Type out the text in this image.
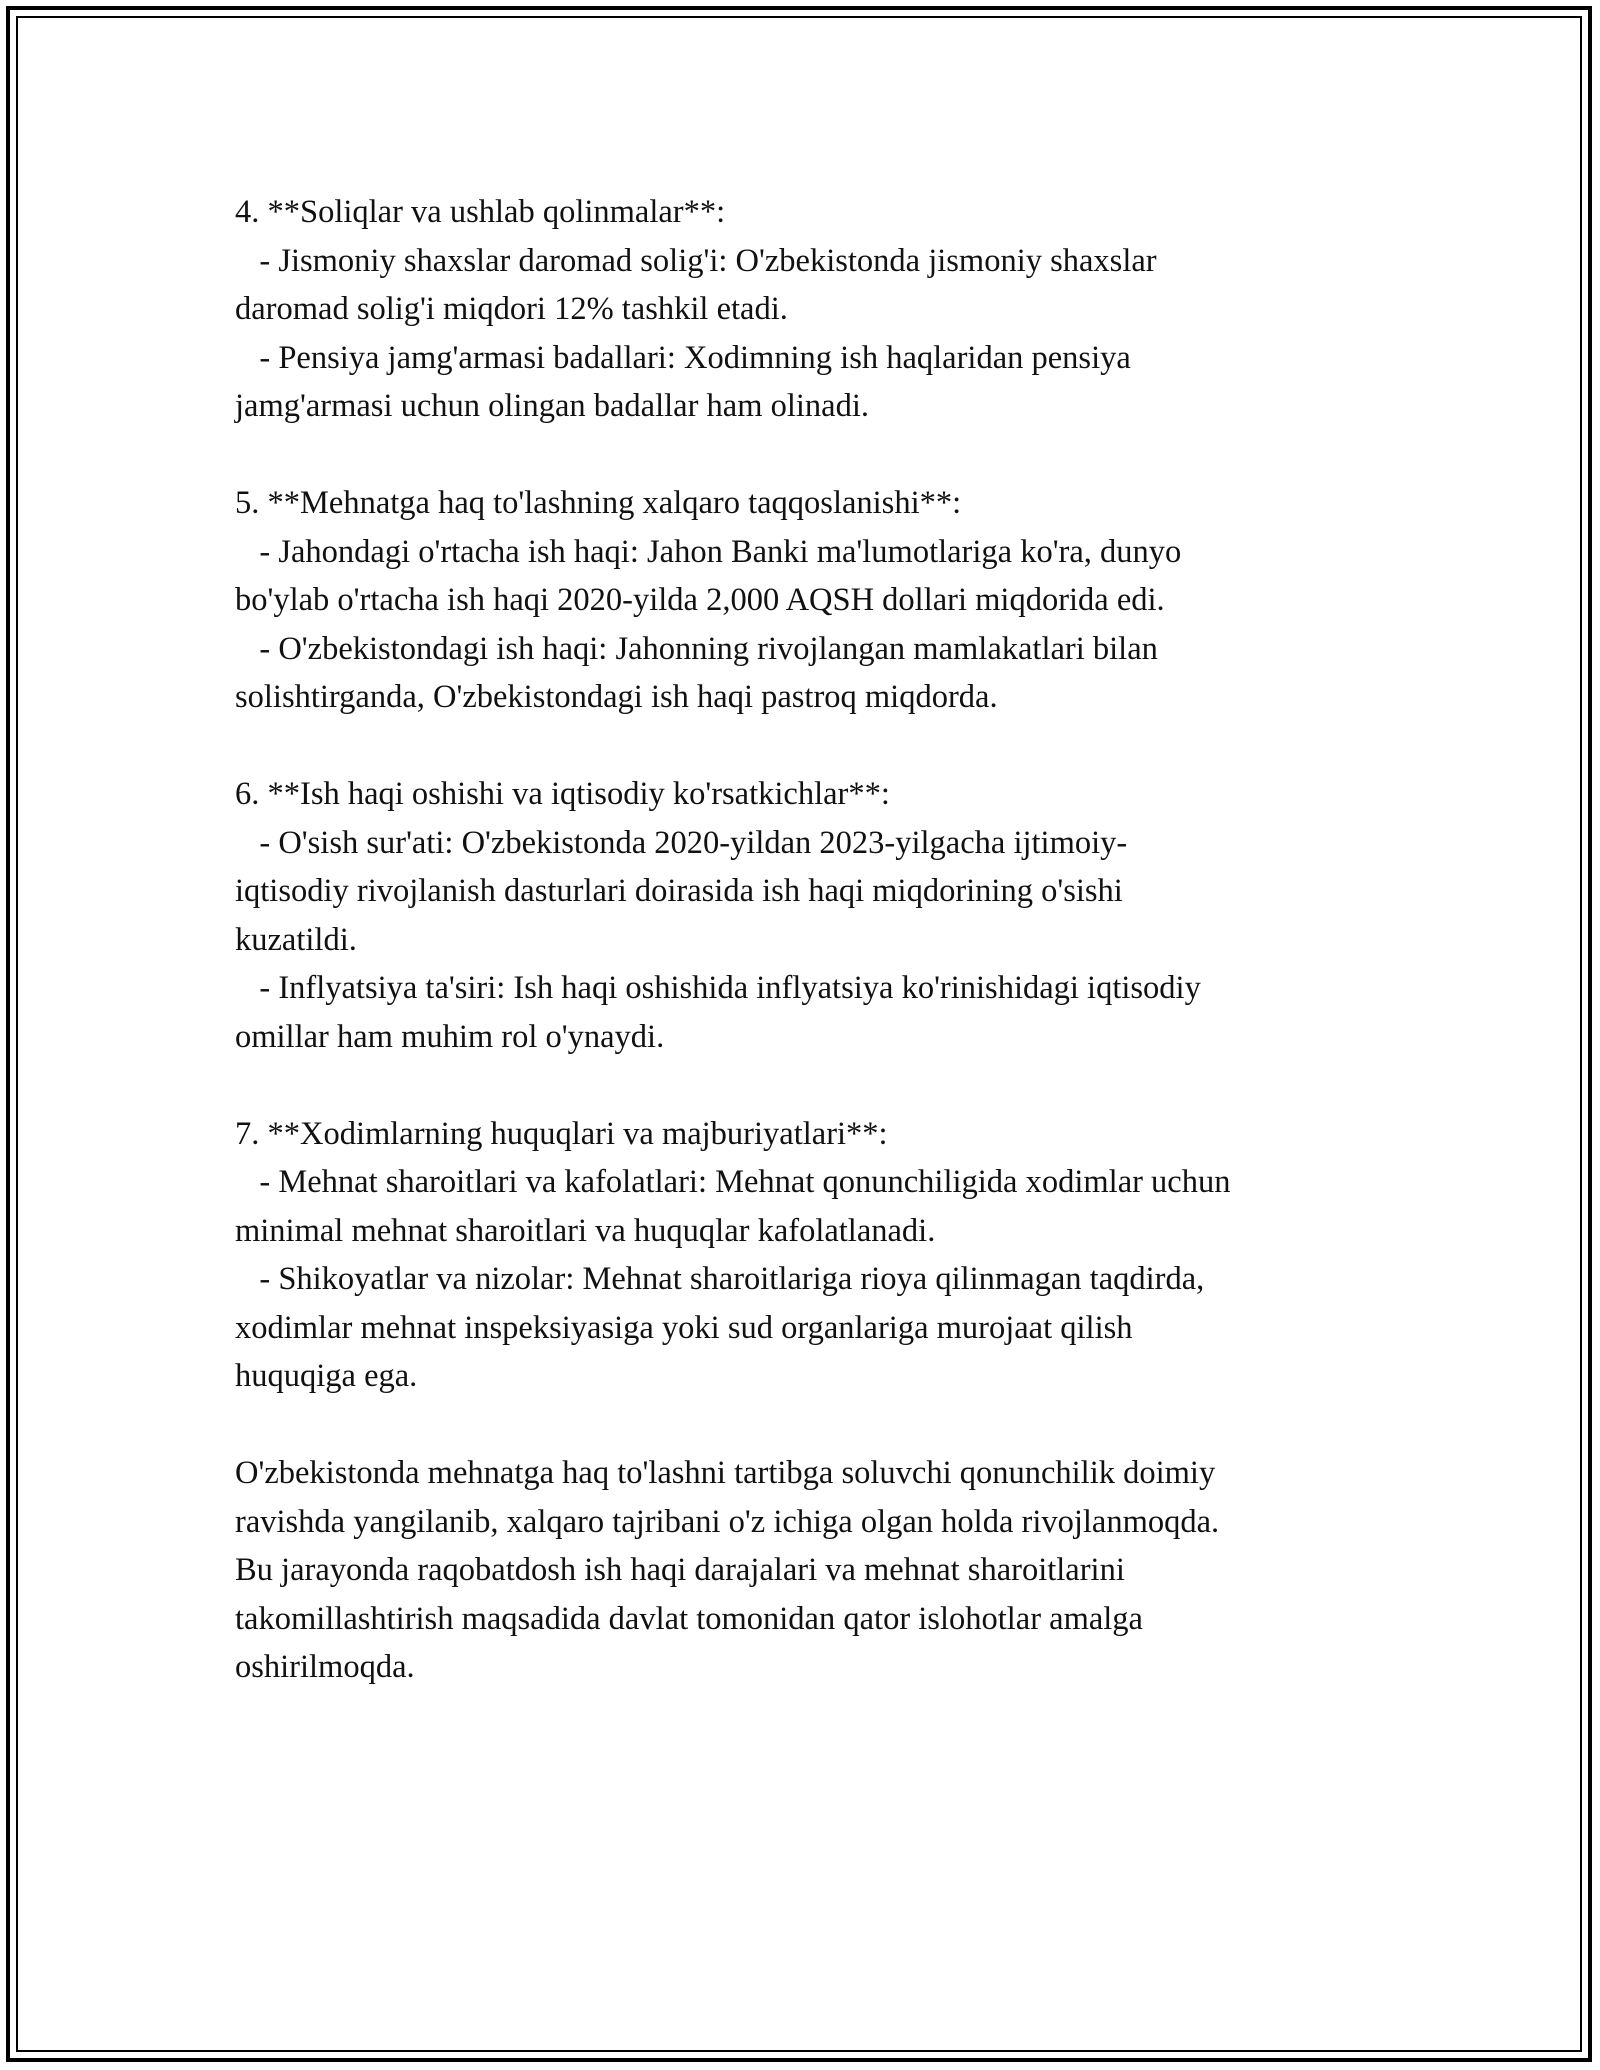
4. **Soliqlar va ushlab qolinmalar**:
- Jismoniy shaxslar daromad solig'i: O'zbekistonda jismoniy shaxslar
daromad solig'i miqdori 12% tashkil etadi.
- Pensiya jamg'armasi badallari: Xodimning ish haqlaridan pensiya
jamg'armasi uchun olingan badallar ham olinadi.
5. **Mehnatga haq to'lashning xalqaro taqqoslanishi**:
- Jahondagi o'rtacha ish haqi: Jahon Banki ma'lumotlariga ko'ra, dunyo
bo'ylab o'rtacha ish haqi 2020-yilda 2,000 AQSH dollari miqdorida edi.
- O'zbekistondagi ish haqi: Jahonning rivojlangan mamlakatlari bilan
solishtirganda, O'zbekistondagi ish haqi pastroq miqdorda.
6. **Ish haqi oshishi va iqtisodiy ko'rsatkichlar**:
- O'sish sur'ati: O'zbekistonda 2020-yildan 2023-yilgacha ijtimoiy-
iqtisodiy rivojlanish dasturlari doirasida ish haqi miqdorining o'sishi
kuzatildi.
- Inflyatsiya ta'siri: Ish haqi oshishida inflyatsiya ko'rinishidagi iqtisodiy
omillar ham muhim rol o'ynaydi.
7. **Xodimlarning huquqlari va majburiyatlari**:
- Mehnat sharoitlari va kafolatlari: Mehnat qonunchiligida xodimlar uchun
minimal mehnat sharoitlari va huquqlar kafolatlanadi.
- Shikoyatlar va nizolar: Mehnat sharoitlariga rioya qilinmagan taqdirda,
xodimlar mehnat inspeksiyasiga yoki sud organlariga murojaat qilish
huquqiga ega.
O'zbekistonda mehnatga haq to'lashni tartibga soluvchi qonunchilik doimiy
ravishda yangilanib, xalqaro tajribani o'z ichiga olgan holda rivojlanmoqda.
Bu jarayonda raqobatdosh ish haqi darajalari va mehnat sharoitlarini
takomillashtirish maqsadida davlat tomonidan qator islohotlar amalga
oshirilmoqda.
